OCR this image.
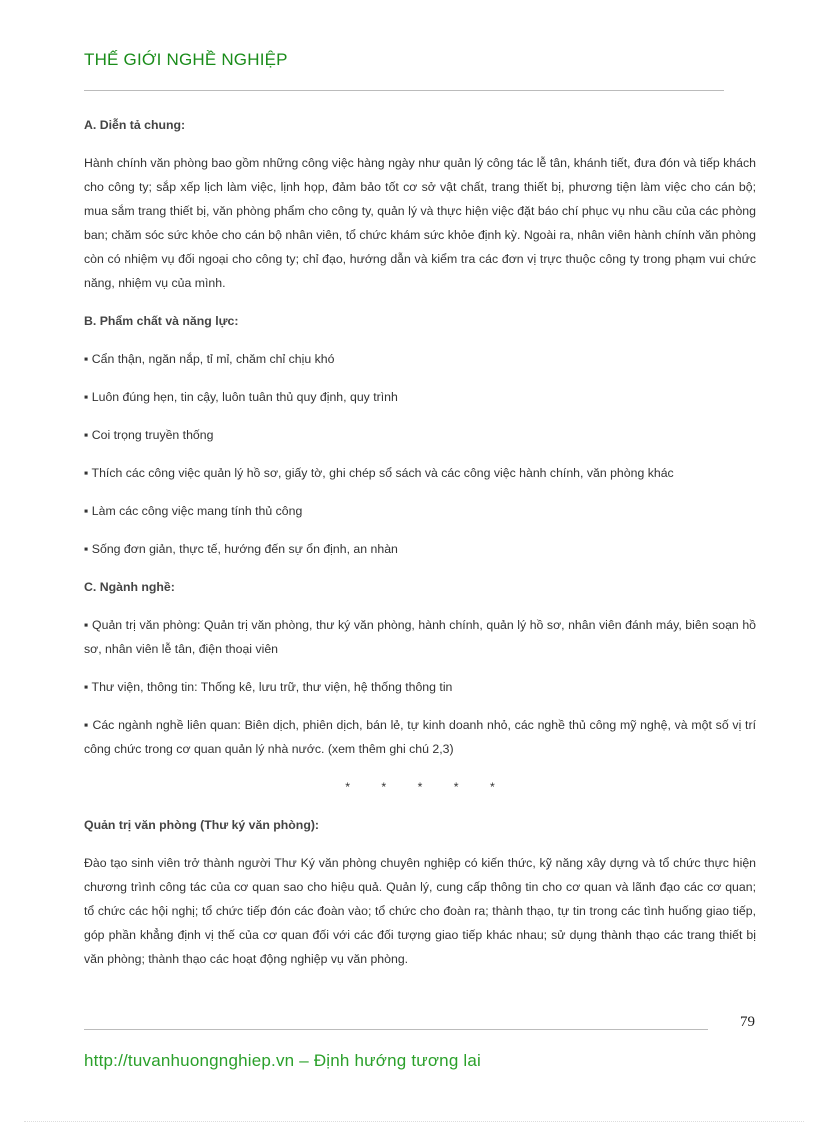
THẾ GIỚI NGHỀ NGHIỆP

A. Diễn tả chung:

Hành chính văn phòng bao gồm những công việc hàng ngày như quản lý công tác lễ tân, khánh tiết, đưa đón và tiếp khách cho công ty; sắp xếp lịch làm việc, lịnh họp, đảm bảo tốt cơ sở vật chất, trang thiết bị, phương tiện làm việc cho cán bộ; mua sắm trang thiết bị, văn phòng phẩm cho công ty, quản lý và thực hiện việc đặt báo chí phục vụ nhu cầu của các phòng ban; chăm sóc sức khỏe cho cán bộ nhân viên, tổ chức khám sức khỏe định kỳ. Ngoài ra, nhân viên hành chính văn phòng còn có nhiệm vụ đối ngoại cho công ty; chỉ đạo, hướng dẫn và kiểm tra các đơn vị trực thuộc công ty trong phạm vui chức năng, nhiệm vụ của mình.

B. Phẩm chất và năng lực:

▪ Cẩn thận, ngăn nắp, tỉ mỉ, chăm chỉ chịu khó

▪ Luôn đúng hẹn, tin cậy, luôn tuân thủ quy định, quy trình

▪ Coi trọng truyền thống

▪ Thích các công việc quản lý hồ sơ, giấy tờ, ghi chép sổ sách và các công việc hành chính, văn phòng khác

▪ Làm các công việc mang tính thủ công

▪ Sống đơn giản, thực tế, hướng đến sự ổn định, an nhàn

C. Ngành nghề:

▪ Quản trị văn phòng: Quản trị văn phòng, thư ký văn phòng, hành chính, quản lý hồ sơ, nhân viên đánh máy, biên soạn hồ sơ, nhân viên lễ tân, điện thoại viên

▪ Thư viện, thông tin: Thống kê, lưu trữ, thư viện, hệ thống thông tin

▪ Các ngành nghề liên quan: Biên dịch, phiên dịch, bán lẻ, tự kinh doanh nhỏ, các nghề thủ công mỹ nghệ, và một số vị trí công chức trong cơ quan quản lý nhà nước. (xem thêm ghi chú 2,3)

* * * * *

Quản trị văn phòng (Thư ký văn phòng):

Đào tạo sinh viên trở thành người Thư Ký văn phòng chuyên nghiệp có kiến thức, kỹ năng xây dựng và tổ chức thực hiện chương trình công tác của cơ quan sao cho hiệu quả. Quản lý, cung cấp thông tin cho cơ quan và lãnh đạo các cơ quan; tổ chức các hội nghị; tổ chức tiếp đón các đoàn vào; tổ chức cho đoàn ra; thành thạo, tự tin trong các tình huống giao tiếp, góp phần khẳng định vị thế của cơ quan đối với các đối tượng giao tiếp khác nhau; sử dụng thành thạo các trang thiết bị văn phòng; thành thạo các hoạt động nghiệp vụ văn phòng.

79
http://tuvanhuongnghiep.vn – Định hướng tương lai
